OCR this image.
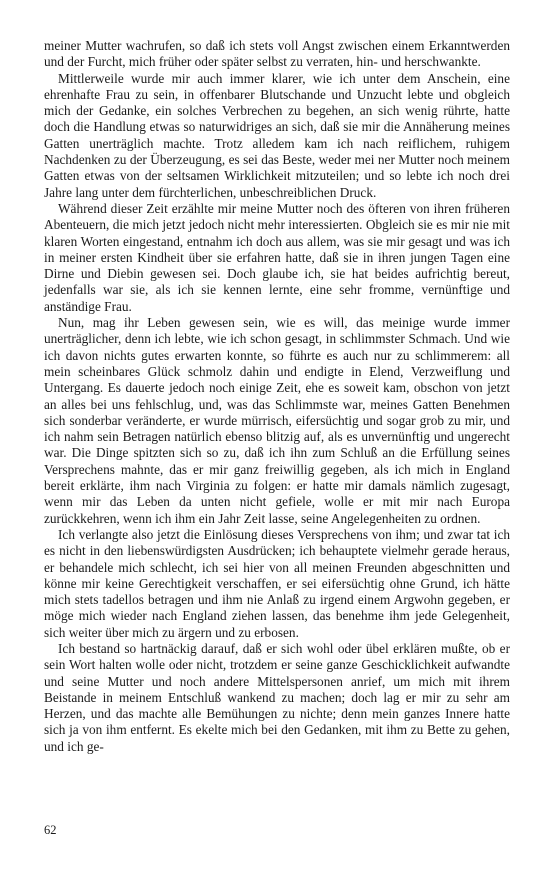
meiner Mutter wachrufen, so daß ich stets voll Angst zwischen einem Erkanntwerden und der Furcht, mich früher oder später selbst zu verraten, hin- und herschwankte.

Mittlerweile wurde mir auch immer klarer, wie ich unter dem Anschein, eine ehrenhafte Frau zu sein, in offenbarer Blutschande und Unzucht lebte und obgleich mich der Gedanke, ein solches Verbrechen zu begehen, an sich wenig rührte, hatte doch die Handlung etwas so naturwidriges an sich, daß sie mir die Annäherung meines Gatten unerträglich machte. Trotz alledem kam ich nach reiflichem, ruhigem Nachdenken zu der Überzeugung, es sei das Beste, weder mei ner Mutter noch meinem Gatten etwas von der seltsamen Wirklichkeit mitzuteilen; und so lebte ich noch drei Jahre lang unter dem fürchterlichen, unbeschreiblichen Druck.

Während dieser Zeit erzählte mir meine Mutter noch des öfteren von ihren früheren Abenteuern, die mich jetzt jedoch nicht mehr interessierten. Obgleich sie es mir nie mit klaren Worten eingestand, entnahm ich doch aus allem, was sie mir gesagt und was ich in meiner ersten Kindheit über sie erfahren hatte, daß sie in ihren jungen Tagen eine Dirne und Diebin gewesen sei. Doch glaube ich, sie hat beides aufrichtig bereut, jedenfalls war sie, als ich sie kennen lernte, eine sehr fromme, vernünftige und anständige Frau.

Nun, mag ihr Leben gewesen sein, wie es will, das meinige wurde immer unerträglicher, denn ich lebte, wie ich schon gesagt, in schlimmster Schmach. Und wie ich davon nichts gutes erwarten konnte, so führte es auch nur zu schlimmerem: all mein scheinbares Glück schmolz dahin und endigte in Elend, Verzweiflung und Untergang. Es dauerte jedoch noch einige Zeit, ehe es soweit kam, obschon von jetzt an alles bei uns fehlschlug, und, was das Schlimmste war, meines Gatten Benehmen sich sonderbar veränderte, er wurde mürrisch, eifersüchtig und sogar grob zu mir, und ich nahm sein Betragen natürlich ebenso blitzig auf, als es unvernünftig und ungerecht war. Die Dinge spitzten sich so zu, daß ich ihn zum Schluß an die Erfüllung seines Versprechens mahnte, das er mir ganz freiwillig gegeben, als ich mich in England bereit erklärte, ihm nach Virginia zu folgen: er hatte mir damals nämlich zugesagt, wenn mir das Leben da unten nicht gefiele, wolle er mit mir nach Europa zurückkehren, wenn ich ihm ein Jahr Zeit lasse, seine Angelegenheiten zu ordnen.

Ich verlangte also jetzt die Einlösung dieses Versprechens von ihm; und zwar tat ich es nicht in den liebenswürdigsten Ausdrücken; ich behauptete vielmehr gerade heraus, er behandele mich schlecht, ich sei hier von all meinen Freunden abgeschnitten und könne mir keine Gerechtigkeit verschaffen, er sei eifersüchtig ohne Grund, ich hätte mich stets tadellos betragen und ihm nie Anlaß zu irgend einem Argwohn gegeben, er möge mich wieder nach England ziehen lassen, das benehme ihm jede Gelegenheit, sich weiter über mich zu ärgern und zu erbosen.

Ich bestand so hartnäckig darauf, daß er sich wohl oder übel erklären mußte, ob er sein Wort halten wolle oder nicht, trotzdem er seine ganze Geschicklichkeit aufwandte und seine Mutter und noch andere Mittelspersonen anrief, um mich mit ihrem Beistande in meinem Entschluß wankend zu machen; doch lag er mir zu sehr am Herzen, und das machte alle Bemühungen zu nichte; denn mein ganzes Innere hatte sich ja von ihm entfernt. Es ekelte mich bei den Gedanken, mit ihm zu Bette zu gehen, und ich ge-

62
